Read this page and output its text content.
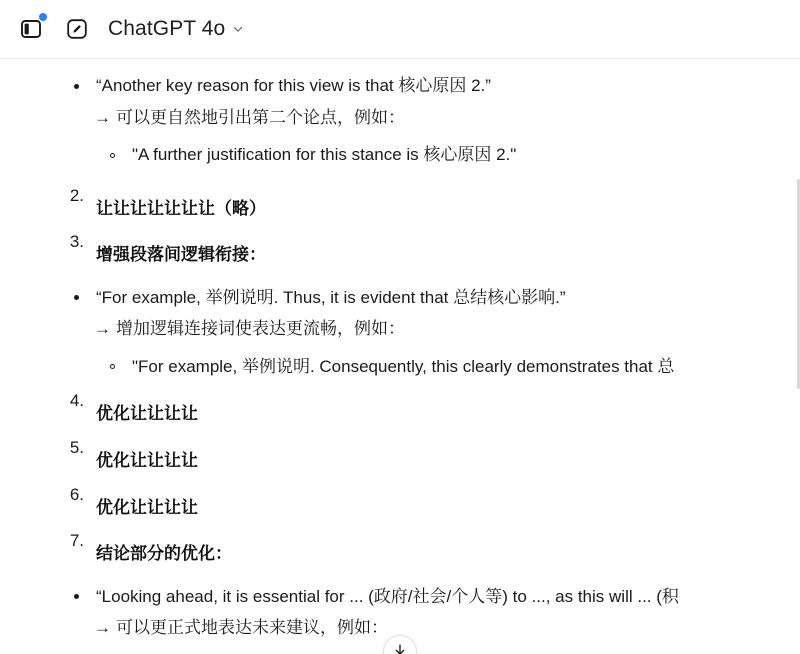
ChatGPT 4o
“Another key reason for this view is that 核心原因 2.”
→ 可以更自然地引出第二个论点，例如：
"A further justification for this stance is 核心原因 2."
2.
让让让让让让让（略）
3.
增强段落间逻辑衔接：
“For example, 举例说明. Thus, it is evident that 总结核心影响.”
→ 增加逻辑连接词使表达更流畅，例如：
"For example, 举例说明. Consequently, this clearly demonstrates that 总
4.
优化让让让让
5.
优化让让让让
6.
优化让让让让
7.
结论部分的优化：
“Looking ahead, it is essential for ... (政府/社会/个人等) to ..., as this will ... (积
→ 可以更正式地表达未来建议，例如：
